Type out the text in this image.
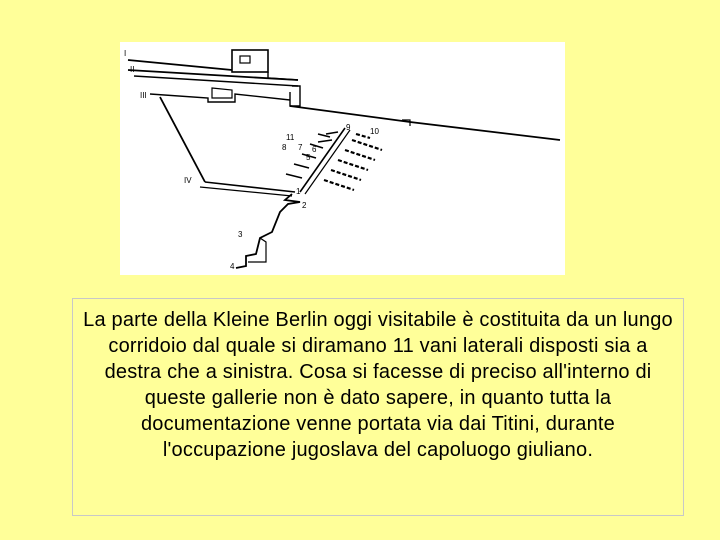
I
II
III
IV
1
2
3
4
5
6
7
8
9 10
11

La parte della Kleine Berlin oggi visitabile è costituita da un lungo corridoio dal quale si diramano 11 vani laterali disposti sia a destra che a sinistra. Cosa si facesse di preciso all'interno di queste gallerie non è dato sapere, in quanto tutta la documentazione venne portata via dai Titini, durante l'occupazione jugoslava del capoluogo giuliano.
